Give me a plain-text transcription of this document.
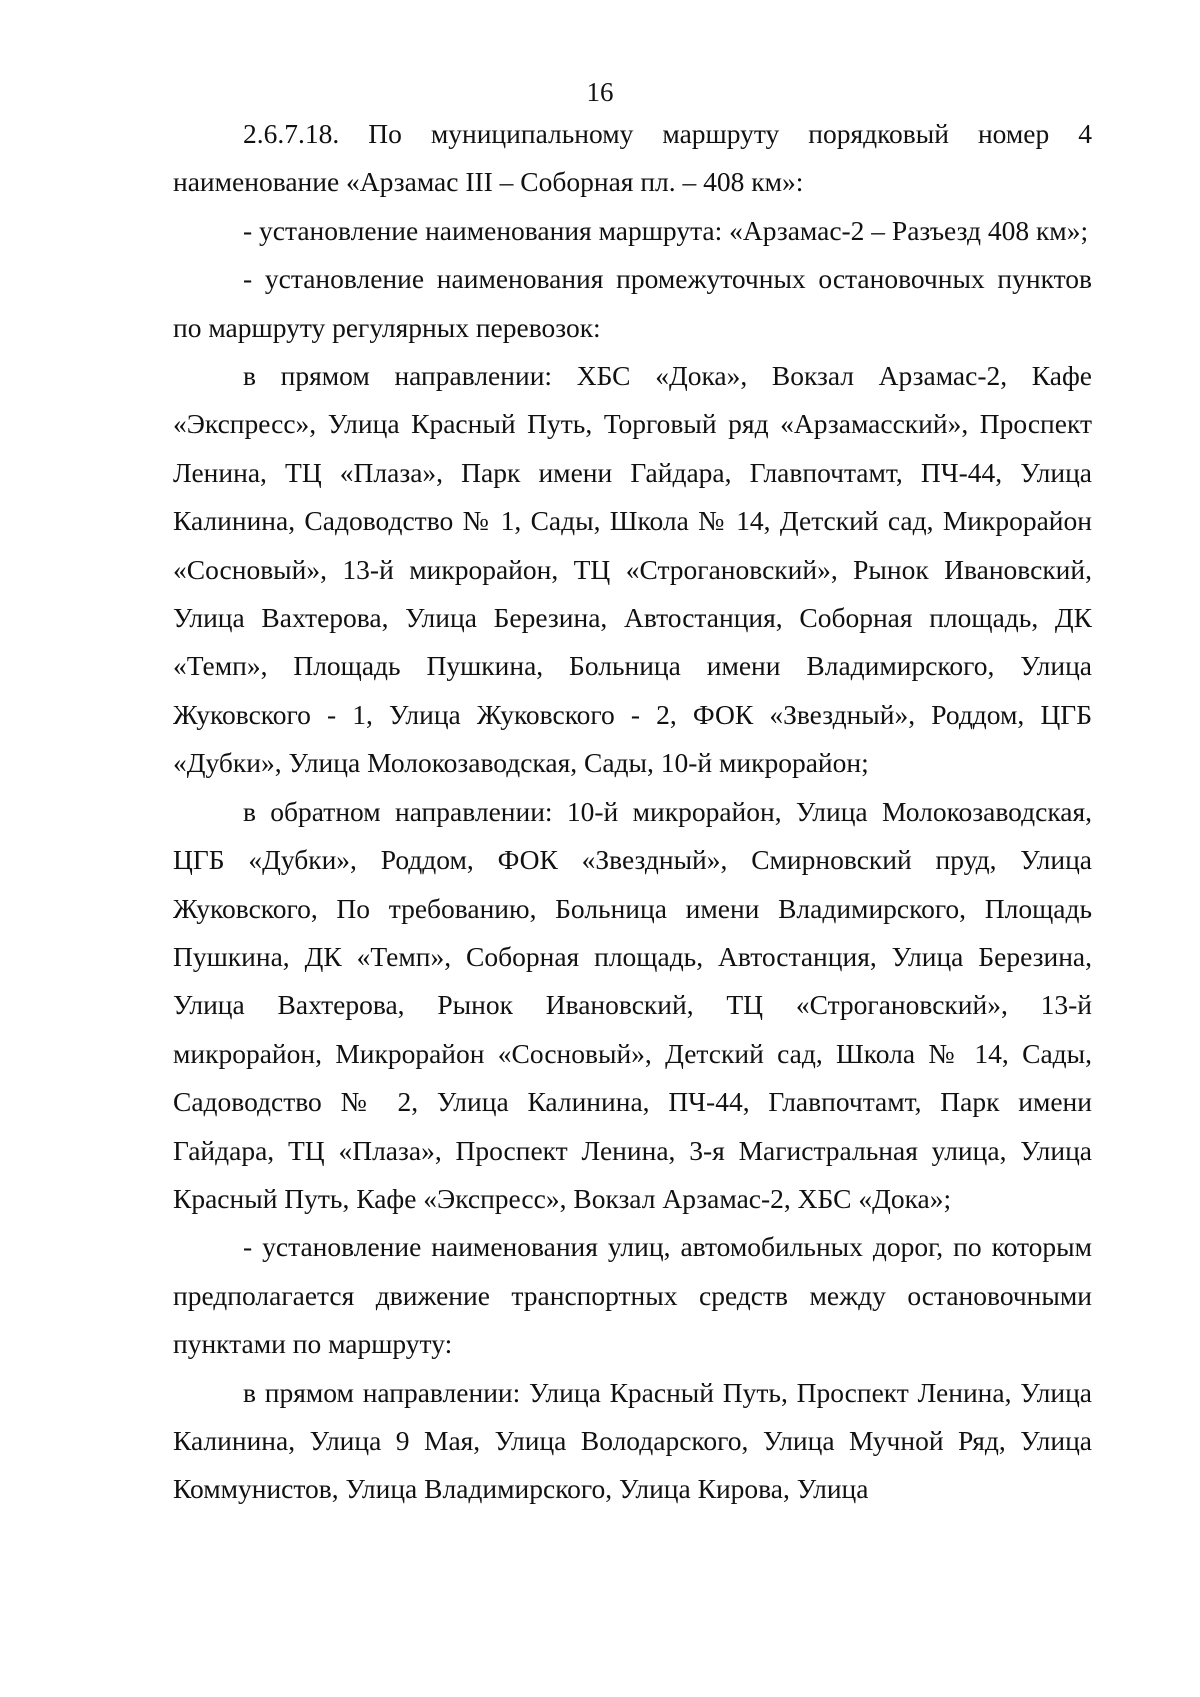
16

2.6.7.18. По муниципальному маршруту порядковый номер 4 наименование «Арзамас III – Соборная пл. – 408 км»:

- установление наименования маршрута: «Арзамас-2 – Разъезд 408 км»;

- установление наименования промежуточных остановочных пунктов по маршруту регулярных перевозок:

в прямом направлении: ХБС «Дока», Вокзал Арзамас-2, Кафе «Экспресс», Улица Красный Путь, Торговый ряд «Арзамасский», Проспект Ленина, ТЦ «Плаза», Парк имени Гайдара, Главпочтамт, ПЧ-44, Улица Калинина, Садоводство № 1, Сады, Школа № 14, Детский сад, Микрорайон «Сосновый», 13-й микрорайон, ТЦ «Строгановский», Рынок Ивановский, Улица Вахтерова, Улица Березина, Автостанция, Соборная площадь, ДК «Темп», Площадь Пушкина, Больница имени Владимирского, Улица Жуковского - 1, Улица Жуковского - 2, ФОК «Звездный», Роддом, ЦГБ «Дубки», Улица Молокозаводская, Сады, 10-й микрорайон;

в обратном направлении: 10-й микрорайон, Улица Молокозаводская, ЦГБ «Дубки», Роддом, ФОК «Звездный», Смирновский пруд, Улица Жуковского, По требованию, Больница имени Владимирского, Площадь Пушкина, ДК «Темп», Соборная площадь, Автостанция, Улица Березина, Улица Вахтерова, Рынок Ивановский, ТЦ «Строгановский», 13-й микрорайон, Микрорайон «Сосновый», Детский сад, Школа № 14, Сады, Садоводство № 2, Улица Калинина, ПЧ-44, Главпочтамт, Парк имени Гайдара, ТЦ «Плаза», Проспект Ленина, 3-я Магистральная улица, Улица Красный Путь, Кафе «Экспресс», Вокзал Арзамас-2, ХБС «Дока»;

- установление наименования улиц, автомобильных дорог, по которым предполагается движение транспортных средств между остановочными пунктами по маршруту:

в прямом направлении: Улица Красный Путь, Проспект Ленина, Улица Калинина, Улица 9 Мая, Улица Володарского, Улица Мучной Ряд, Улица Коммунистов, Улица Владимирского, Улица Кирова, Улица
